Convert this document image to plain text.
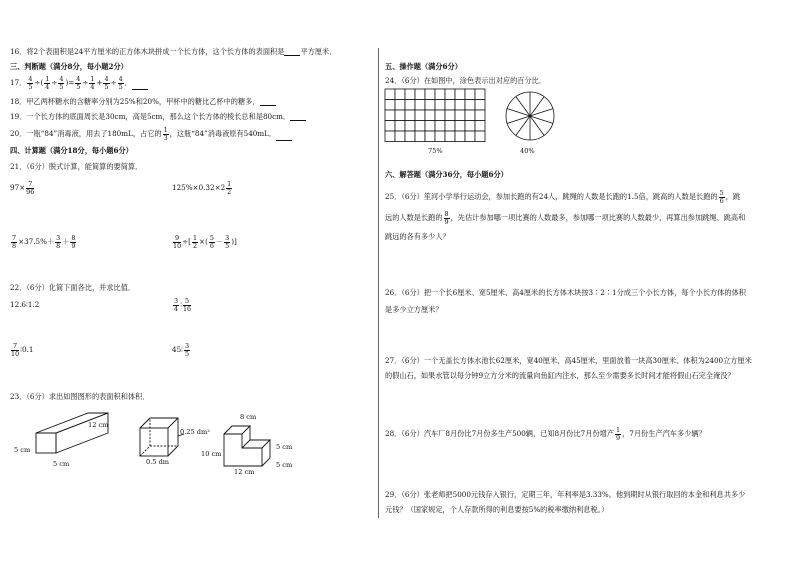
16．将2个表面积是24平方厘米的正方体木块拼成一个长方体，这个长方体的表面积是 平方厘米．
三、判断题（满分8分，每小题2分）
17． $\frac{4}{5}$ ÷( $\frac{1}{4} \div \frac{4}{5}$ )= $\frac{4}{5} \div \frac{1}{4} + \frac{4}{5} \div \frac{4}{5}$ ．
18．甲乙两杯糖水的含糖率分别为25%和20%，甲杯中的糖比乙杯中的糖多．
19．一个长方体的底面周长是30cm，高是5cm，那么这个长方体的棱长总和是80cm．
20．一瓶“84”消毒液，用去了180mL，占它的 $\frac{1}{3}$ ，这瓶“84”消毒液原有540mL．
四、计算题（满分18分，每小题6分）
21．（6分）脱式计算，能简算的要简算．
$97\times \frac{7}{96}$	$125\%\times 0.32\times 2 \frac{1}{2}$
$\frac{7}{8} \times 37.5\%+ \frac{3}{8} + \frac{8}{9}$	$\frac{9}{10}$ ÷[ $\frac{1}{2}$ ×( $\frac{5}{6} - \frac{3}{5}$ )]
22．（6分）化简下面各比，并求比值．
12.6∶1.2	$\frac{3}{4}$ ∶ $\frac{5}{16}$
$\frac{7}{10}$ ∶0.1	45∶ $\frac{3}{5}$
23．（6分）求出如图图形的表面积和体积．
12 cm
5 cm
5 cm
0.25 dm²
0.5 dm
8 cm
5 cm
10 cm
5 cm
12 cm
五、操作题（满分6分）
24．（6分）在如图中，涂色表示出对应的百分比．
75%	40%
六、解答题（满分36分，每小题6分）
25．（6分）笙河小学举行运动会，参加长跑的有24人，跳绳的人数是长跑的1.5倍，跳高的人数是长跑的 $\frac{5}{6}$ ，跳
远的人数是长跑的 $\frac{8}{9}$ ，先估计参加哪一项比赛的人数最多，参加哪一项比赛的人数最少，再算出参加跳绳、跳高和
跳远的各有多少人？
26．（6分）把一个长6厘米、宽5厘米、高4厘米的长方体木块按3∶2∶1分成三个小长方体，每个小长方体的体积
是多少立方厘米？
27．（6分）一个无盖长方体水池长62厘米，宽40厘米，高45厘米，里面放着一块高30厘米、体积为2400立方厘米
的假山石，如果水管以每分钟9立方分米的流量向鱼缸内注水，那么至少需要多长时间才能将假山石完全淹没？
28．（6分）汽车厂8月份比7月份多生产500辆，已知8月份比7月份增产 $\frac{1}{9}$ ，7月份生产汽车多少辆？
29．（6分）张老师把5000元钱存入银行，定期三年，年利率是3.33%。他到期时从银行取回的本金和利息共多少
元钱？（国家规定，个人存款所得的利息要按5%的税率缴纳利息税。）
